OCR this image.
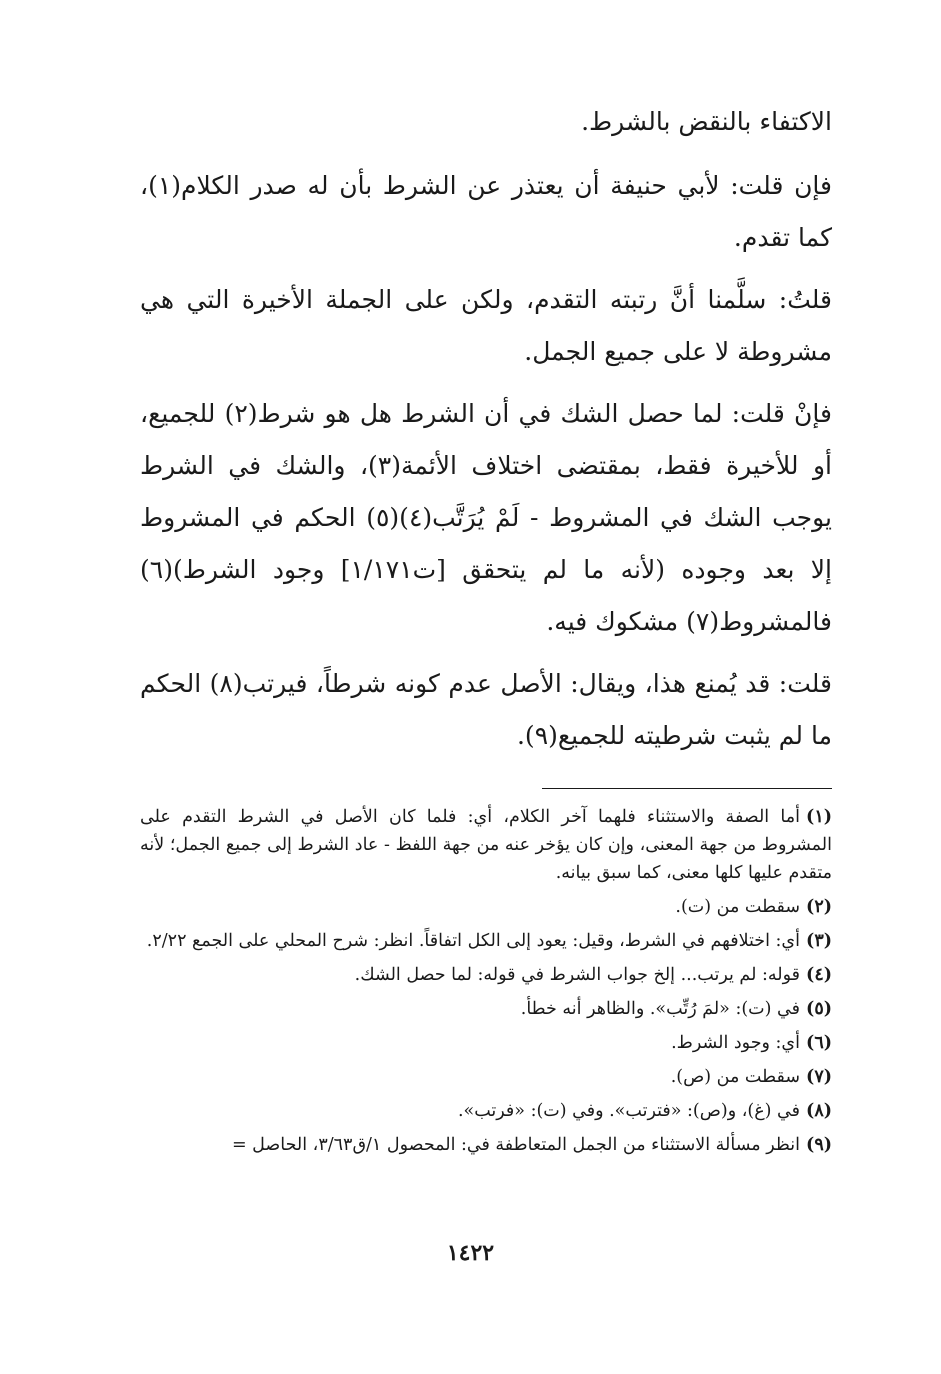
الاكتفاء بالنقض بالشرط.

فإن قلت: لأبي حنيفة أن يعتذر عن الشرط بأن له صدر الكلام(١)، كما تقدم.

قلتُ: سلَّمنا أنَّ رتبته التقدم، ولكن على الجملة الأخيرة التي هي مشروطة لا على جميع الجمل.

فإنْ قلت: لما حصل الشك في أن الشرط هل هو شرط(٢) للجميع، أو للأخيرة فقط، بمقتضى اختلاف الأئمة(٣)، والشك في الشرط يوجب الشك في المشروط - لَمْ يُرَتَّب(٤)(٥) الحكم في المشروط إلا بعد وجوده (لأنه ما لم يتحقق [ت١/١٧١] وجود الشرط)(٦) فالمشروط(٧) مشكوك فيه.

قلت: قد يُمنع هذا، ويقال: الأصل عدم كونه شرطاً، فيرتب(٨) الحكم ما لم يثبت شرطيته للجميع(٩).

(١)أما الصفة والاستثناء فلهما آخر الكلام، أي: فلما كان الأصل في الشرط التقدم على المشروط من جهة المعنى، وإن كان يؤخر عنه من جهة اللفظ - عاد الشرط إلى جميع الجمل؛ لأنه متقدم عليها كلها معنى، كما سبق بيانه.

(٢)سقطت من (ت).

(٣)أي: اختلافهم في الشرط، وقيل: يعود إلى الكل اتفاقاً. انظر: شرح المحلي على الجمع ٢/٢٢.

(٤)قوله: لم يرتب... إلخ جواب الشرط في قوله: لما حصل الشك.

(٥)في (ت): «لمَ رُتِّب». والظاهر أنه خطأ.

(٦)أي: وجود الشرط.

(٧)سقطت من (ص).

(٨)في (غ)، و(ص): «فترتب». وفي (ت): «فرتب».

(٩)انظر مسألة الاستثناء من الجمل المتعاطفة في: المحصول ١/ق٣/٦٣، الحاصل =

١٤٢٢
